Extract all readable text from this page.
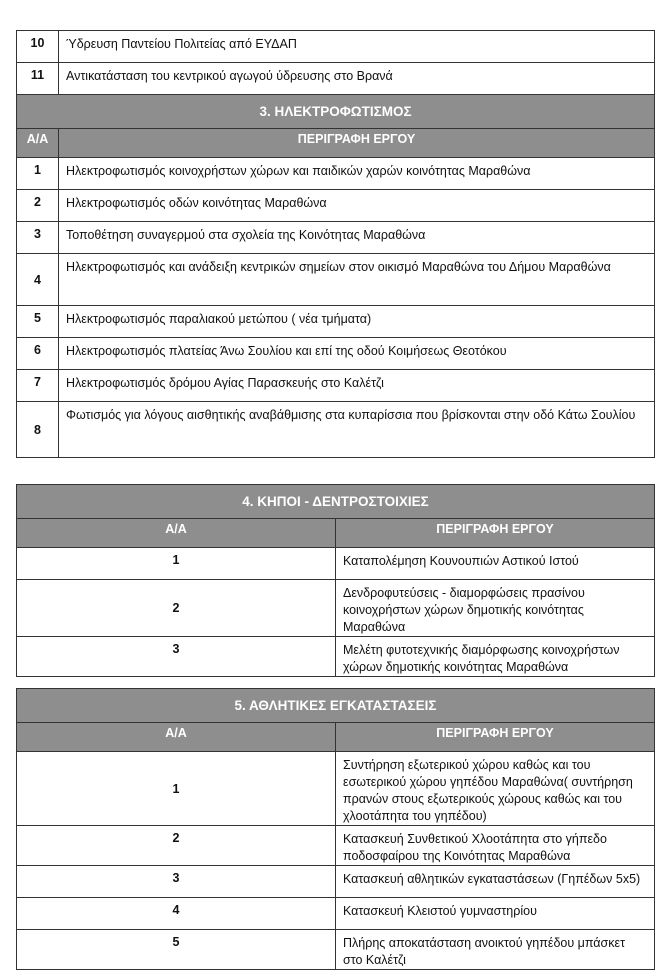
10	Ύδρευση Παντείου Πολιτείας από ΕΥΔΑΠ
11	Αντικατάσταση του κεντρικού αγωγού ύδρευσης στο Βρανά
3. ΗΛΕΚΤΡΟΦΩΤΙΣΜΟΣ	
Α/Α	ΠΕΡΙΓΡΑΦΗ ΕΡΓΟΥ
1	Ηλεκτροφωτισμός κοινοχρήστων χώρων και παιδικών χαρών κοινότητας Μαραθώνα
2	Ηλεκτροφωτισμός οδών κοινότητας Μαραθώνα
3	Τοποθέτηση συναγερμού στα σχολεία της Κοινότητας Μαραθώνα
4	Ηλεκτροφωτισμός και ανάδειξη κεντρικών σημείων στον οικισμό Μαραθώνα του Δήμου Μαραθώνα
5	Ηλεκτροφωτισμός παραλιακού μετώπου ( νέα τμήματα)
6	Ηλεκτροφωτισμός πλατείας Άνω Σουλίου και επί της οδού Κοιμήσεως Θεοτόκου
7	Ηλεκτροφωτισμός δρόμου Αγίας Παρασκευής στο Καλέτζι
8	Φωτισμός για λόγους αισθητικής αναβάθμισης στα κυπαρίσσια που βρίσκονται στην οδό Κάτω Σουλίου
4. ΚΗΠΟΙ - ΔΕΝΤΡΟΣΤΟΙΧΙΕΣ	
Α/Α	ΠΕΡΙΓΡΑΦΗ ΕΡΓΟΥ
1	Καταπολέμηση Κουνουπιών Αστικού Ιστού
2	Δενδροφυτεύσεις - διαμορφώσεις πρασίνου κοινοχρήστων χώρων δημοτικής κοινότητας Μαραθώνα
3	Μελέτη φυτοτεχνικής διαμόρφωσης κοινοχρήστων χώρων δημοτικής κοινότητας Μαραθώνα
5. ΑΘΛΗΤΙΚΕΣ ΕΓΚΑΤΑΣΤΑΣΕΙΣ	
Α/Α	ΠΕΡΙΓΡΑΦΗ ΕΡΓΟΥ
1	Συντήρηση εξωτερικού χώρου καθώς και του εσωτερικού χώρου γηπέδου Μαραθώνα( συντήρηση πρανών στους εξωτερικούς χώρους καθώς και του χλοοτάπητα του γηπέδου)
2	Κατασκευή Συνθετικού Χλοοτάπητα στο γήπεδο ποδοσφαίρου της Κοινότητας Μαραθώνα
3	Κατασκευή αθλητικών εγκαταστάσεων (Γηπέδων 5x5)
4	Κατασκευή Κλειστού γυμναστηρίου
5	Πλήρης αποκατάσταση ανοικτού γηπέδου μπάσκετ στο Καλέτζι
